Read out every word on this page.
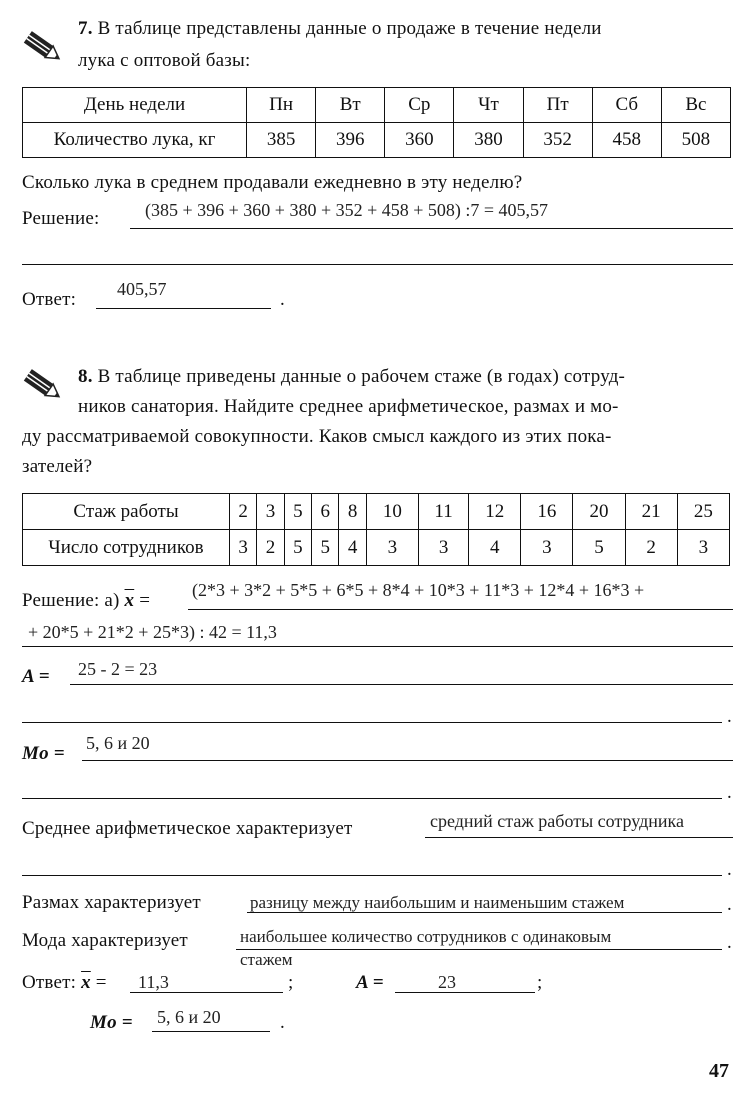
7. В таблице представлены данные о продаже в течение недели
лука с оптовой базы:
День недели	Пн	Вт	Ср	Чт	Пт	Сб	Вс
Количество лука, кг	385	396	360	380	352	458	508
Сколько лука в среднем продавали ежедневно в эту неделю?
Решение:	(385 + 396 + 360 + 380 + 352 + 458 + 508) :7 = 405,57
Ответ: 405,57	.
8. В таблице приведены данные о рабочем стаже (в годах) сотруд-
ников санатория. Найдите среднее арифметическое, размах и мо-
ду рассматриваемой совокупности. Каков смысл каждого из этих пока-
зателей?
Стаж работы	2	3	5	6	8	10	11	12	16	20	21	25
Число сотрудников	3	2	5	5	4	3	3	4	3	5	2	3
Решение: а) $\overline{x} = (2*3 + 3*2 + 5*5 + 6*5 + 8*4 + 10*3 + 11*3 + 12*4 + 16*3$ +
+ 20*5 + 21*2 + 25*3) : 42 = 11,3
A = 25 - 2 = 23
.
Mo = 5, 6 и 20
.
Среднее арифметическое характеризует	средний стаж работы сотрудника
.
Размах характеризует	разницу между наибольшим и наименьшим стажем	.
Мода характеризует	наибольшее количество сотрудников с одинаковым	.
стажем
Ответ: $\overline{x} = 11,3$	;	A =	23	;
Mo = 5, 6 и 20	.
47
